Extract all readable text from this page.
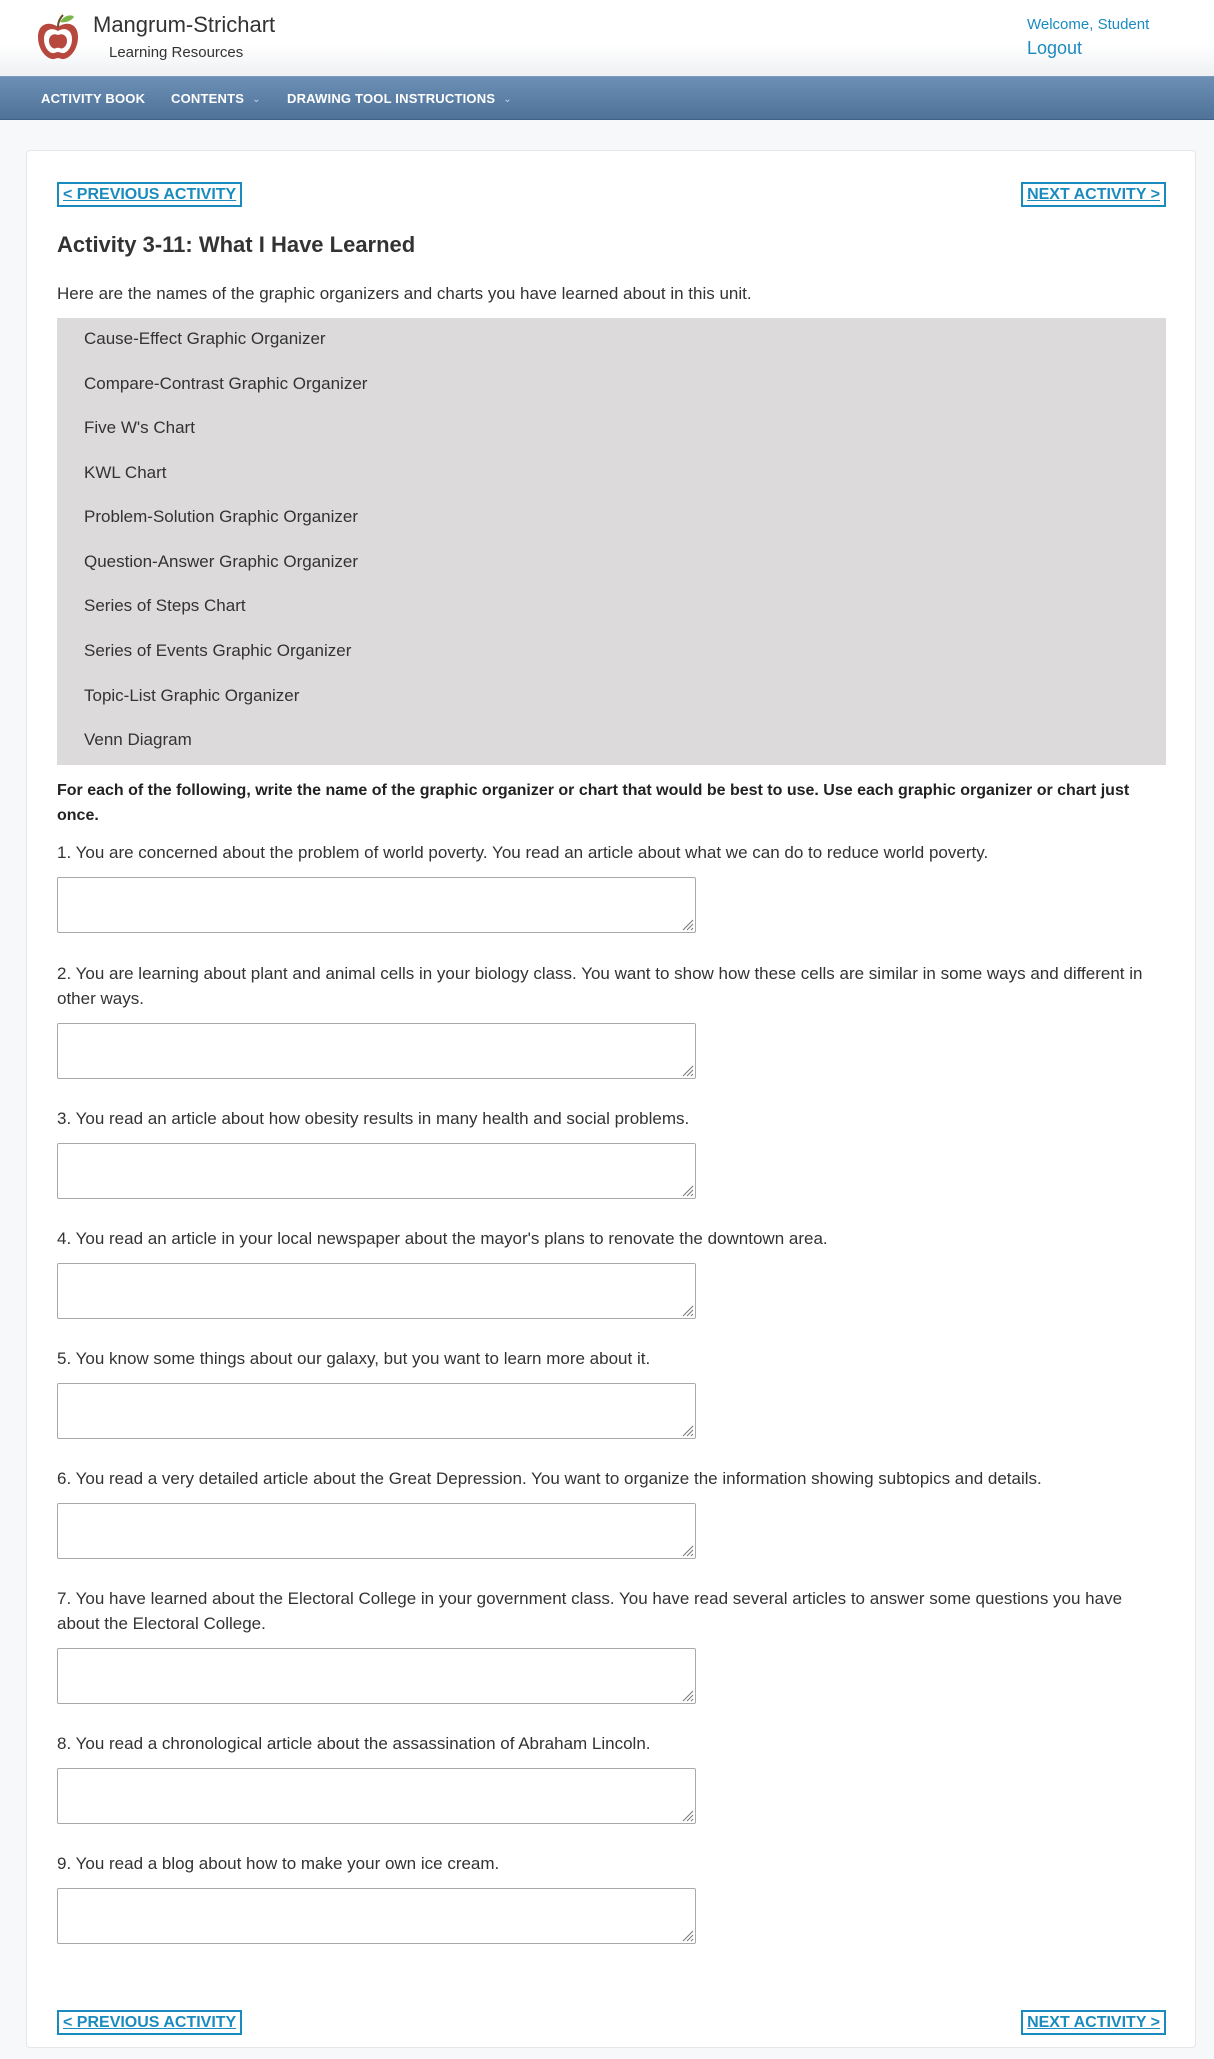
Mangrum-Strichart
Learning Resources
Welcome, Student
Logout
ACTIVITY BOOK CONTENTS ⌄ DRAWING TOOL INSTRUCTIONS ⌄
< PREVIOUS ACTIVITY	NEXT ACTIVITY >
Activity 3-11: What I Have Learned

Here are the names of the graphic organizers and charts you have learned about in this unit.

Cause-Effect Graphic Organizer
Compare-Contrast Graphic Organizer
Five W's Chart
KWL Chart
Problem-Solution Graphic Organizer
Question-Answer Graphic Organizer
Series of Steps Chart
Series of Events Graphic Organizer
Topic-List Graphic Organizer
Venn Diagram

For each of the following, write the name of the graphic organizer or chart that would be best to use. Use each graphic organizer or chart just once.

1. You are concerned about the problem of world poverty. You read an article about what we can do to reduce world poverty.

2. You are learning about plant and animal cells in your biology class. You want to show how these cells are similar in some ways and different in other ways.

3. You read an article about how obesity results in many health and social problems.

4. You read an article in your local newspaper about the mayor's plans to renovate the downtown area.

5. You know some things about our galaxy, but you want to learn more about it.

6. You read a very detailed article about the Great Depression. You want to organize the information showing subtopics and details.

7. You have learned about the Electoral College in your government class. You have read several articles to answer some questions you have about the Electoral College.

8. You read a chronological article about the assassination of Abraham Lincoln.

9. You read a blog about how to make your own ice cream.

< PREVIOUS ACTIVITY	NEXT ACTIVITY >
